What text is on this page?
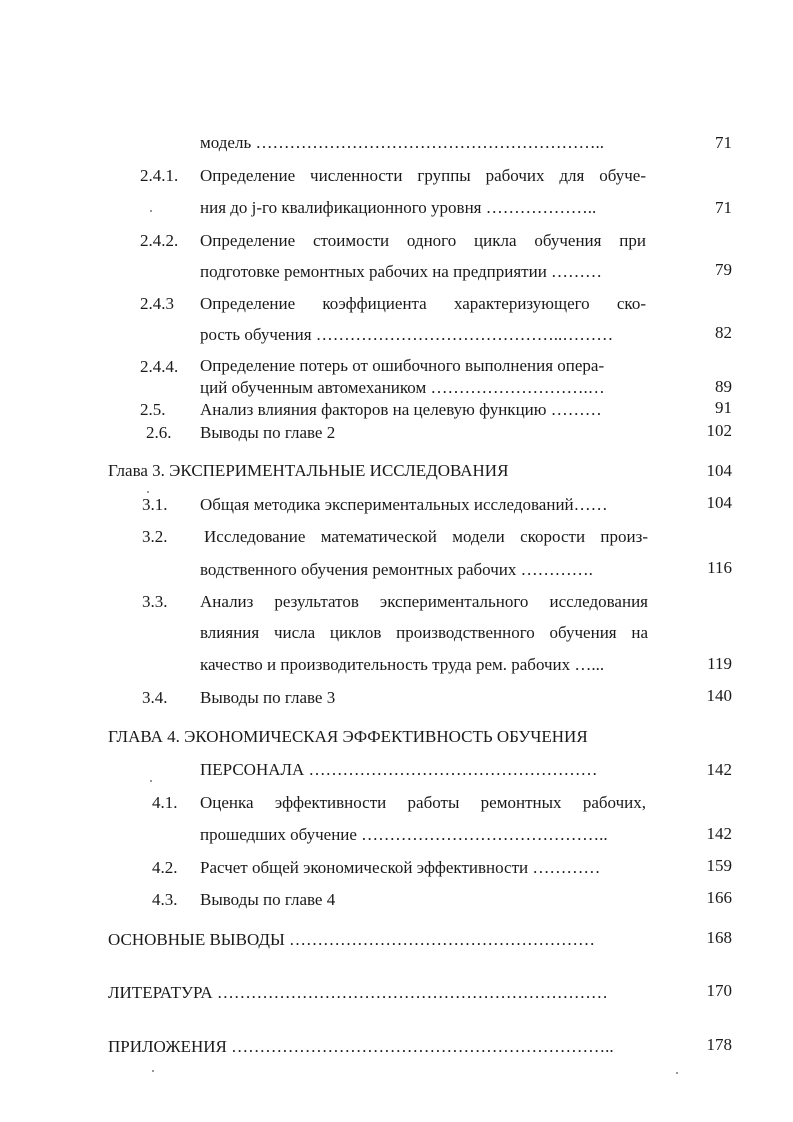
модель ……………………………………………………..	71
2.4.1. Определение численности группы рабочих для обуче-
ния до j-го квалификационного уровня ………………..	71
2.4.2. Определение стоимости одного цикла обучения при
подготовке ремонтных рабочих на предприятии ………	79
2.4.3 Определение коэффициента характеризующего ско-
рость обучения ……………………………………..………	82
2.4.4. Определение потерь от ошибочного выполнения опера-
ций обученным автомехаником ……………………….…	89
2.5. Анализ влияния факторов на целевую функцию ………	91
2.6. Выводы по главе 2	102
Глава 3. ЭКСПЕРИМЕНТАЛЬНЫЕ ИССЛЕДОВАНИЯ	104
3.1. Общая методика экспериментальных исследований……	104
3.2. Исследование математической модели скорости произ-
водственного обучения ремонтных рабочих ………….	116
3.3. Анализ результатов экспериментального исследования
влияния числа циклов производственного обучения на
качество и производительность труда рем. рабочих …...	119
3.4. Выводы по главе 3	140
ГЛАВА 4. ЭКОНОМИЧЕСКАЯ ЭФФЕКТИВНОСТЬ ОБУЧЕНИЯ
ПЕРСОНАЛА ……………………………………………	142
4.1. Оценка эффективности работы ремонтных рабочих,
прошедших обучение ……………………………………..	142
4.2. Расчет общей экономической эффективности …………	159
4.3. Выводы по главе 4	166
ОСНОВНЫЕ ВЫВОДЫ ………………………………………………	168
ЛИТЕРАТУРА ……………………………………………………………	170
ПРИЛОЖЕНИЯ …………………………………………………………..	178
